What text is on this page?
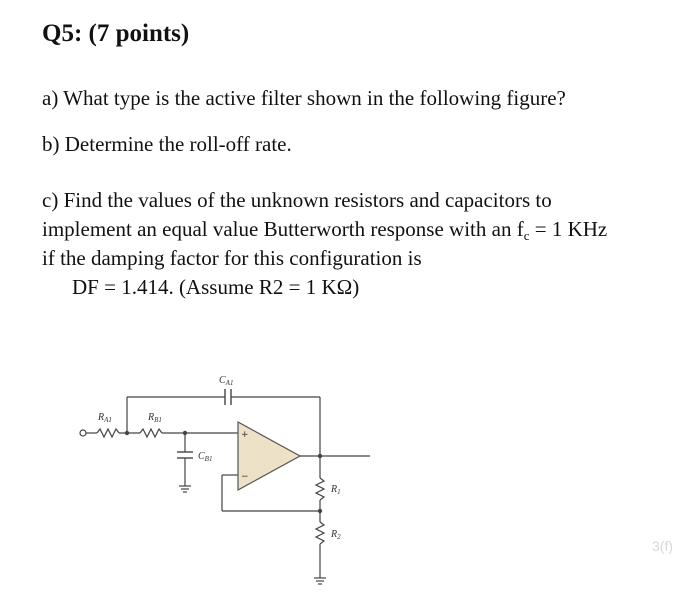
Q5: (7 points)
a) What type is the active filter shown in the following figure?
b) Determine the roll-off rate.
c) Find the values of the unknown resistors and capacitors to
implement an equal value Butterworth response with an fc = 1 KHz
if the damping factor for this configuration is
DF = 1.414. (Assume R2 = 1 KΩ)
+
−
$C_{A1}$
$R_{A1}$	$R_{B1}$
$C_{B1}$
$R_1$
$R_2$
3(f)
